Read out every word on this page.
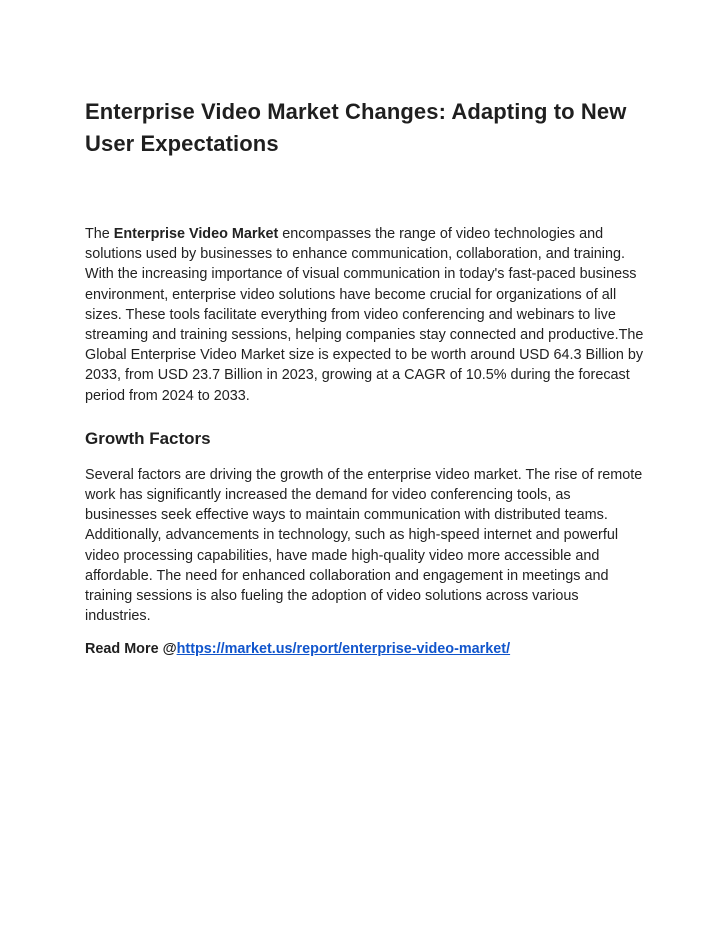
Enterprise Video Market Changes: Adapting to New User Expectations

The Enterprise Video Market encompasses the range of video technologies and solutions used by businesses to enhance communication, collaboration, and training. With the increasing importance of visual communication in today's fast-paced business environment, enterprise video solutions have become crucial for organizations of all sizes. These tools facilitate everything from video conferencing and webinars to live streaming and training sessions, helping companies stay connected and productive.The Global Enterprise Video Market size is expected to be worth around USD 64.3 Billion by 2033, from USD 23.7 Billion in 2023, growing at a CAGR of 10.5% during the forecast period from 2024 to 2033.

Growth Factors

Several factors are driving the growth of the enterprise video market. The rise of remote work has significantly increased the demand for video conferencing tools, as businesses seek effective ways to maintain communication with distributed teams. Additionally, advancements in technology, such as high-speed internet and powerful video processing capabilities, have made high-quality video more accessible and affordable. The need for enhanced collaboration and engagement in meetings and training sessions is also fueling the adoption of video solutions across various industries.

Read More @https://market.us/report/enterprise-video-market/
